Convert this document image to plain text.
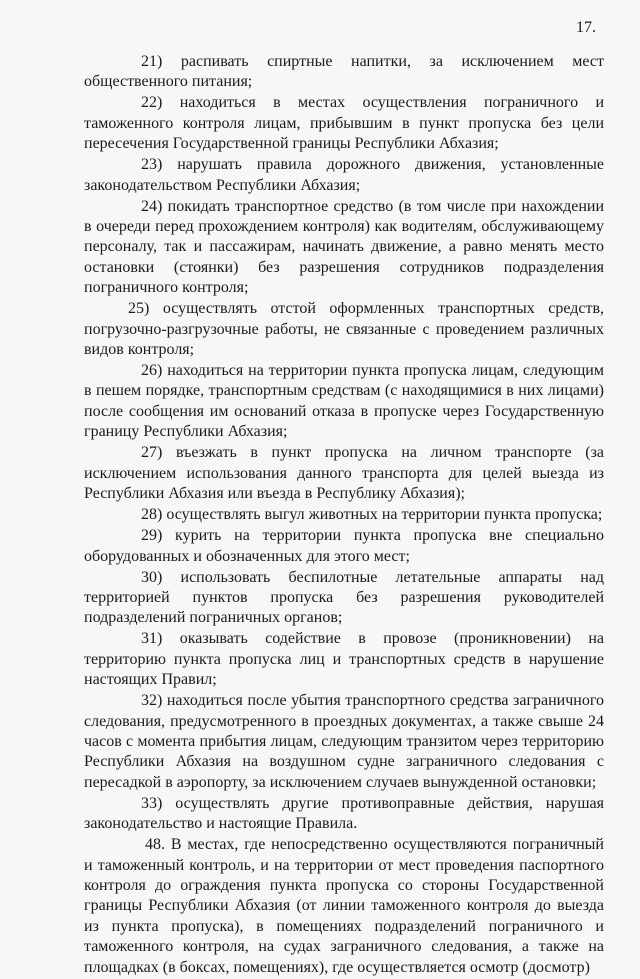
17.

21) распивать спиртные напитки, за исключением мест общественного питания;

22) находиться в местах осуществления пограничного и таможенного контроля лицам, прибывшим в пункт пропуска без цели пересечения Государственной границы Республики Абхазия;

23) нарушать правила дорожного движения, установленные законодательством Республики Абхазия;

24) покидать транспортное средство (в том числе при нахождении в очереди перед прохождением контроля) как водителям, обслуживающему персоналу, так и пассажирам, начинать движение, а равно менять место остановки (стоянки) без разрешения сотрудников подразделения пограничного контроля;

25) осуществлять отстой оформленных транспортных средств, погрузочно-разгрузочные работы, не связанные с проведением различных видов контроля;

26) находиться на территории пункта пропуска лицам, следующим в пешем порядке, транспортным средствам (с находящимися в них лицами) после сообщения им оснований отказа в пропуске через Государственную границу Республики Абхазия;

27) въезжать в пункт пропуска на личном транспорте (за исключением использования данного транспорта для целей выезда из Республики Абхазия или въезда в Республику Абхазия);

28) осуществлять выгул животных на территории пункта пропуска;

29) курить на территории пункта пропуска вне специально оборудованных и обозначенных для этого мест;

30) использовать беспилотные летательные аппараты над территорией пунктов пропуска без разрешения руководителей подразделений пограничных органов;

31) оказывать содействие в провозе (проникновении) на территорию пункта пропуска лиц и транспортных средств в нарушение настоящих Правил;

32) находиться после убытия транспортного средства заграничного следования, предусмотренного в проездных документах, а также свыше 24 часов с момента прибытия лицам, следующим транзитом через территорию Республики Абхазия на воздушном судне заграничного следования с пересадкой в аэропорту, за исключением случаев вынужденной остановки;

33) осуществлять другие противоправные действия, нарушая законодательство и настоящие Правила.

48. В местах, где непосредственно осуществляются пограничный и таможенный контроль, и на территории от мест проведения паспортного контроля до ограждения пункта пропуска со стороны Государственной границы Республики Абхазия (от линии таможенного контроля до выезда из пункта пропуска), в помещениях подразделений пограничного и таможенного контроля, на судах заграничного следования, а также на площадках (в боксах, помещениях), где осуществляется осмотр (досмотр)
